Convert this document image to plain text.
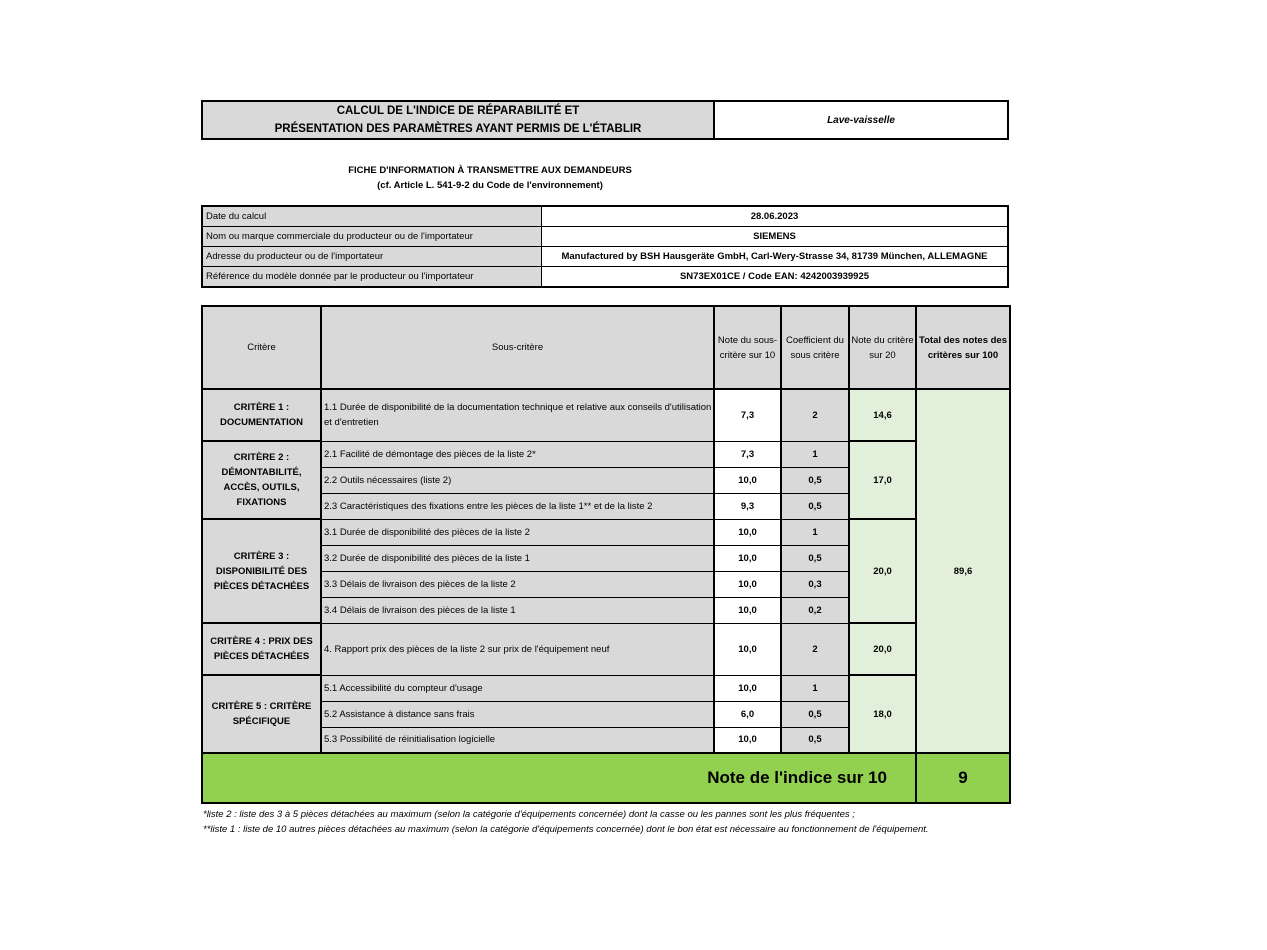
CALCUL DE L'INDICE DE RÉPARABILITÉ ET
PRÉSENTATION DES PARAMÈTRES AYANT PERMIS DE L'ÉTABLIR
	Lave-vaisselle
FICHE D'INFORMATION À TRANSMETTRE AUX DEMANDEURS
(cf. Article L. 541-9-2 du Code de l'environnement)
Date du calcul	28.06.2023
Nom ou marque commerciale du producteur ou de l'importateur	SIEMENS
Adresse du producteur ou de l'importateur	Manufactured by BSH Hausgeräte GmbH, Carl-Wery-Strasse 34, 81739 München, ALLEMAGNE
Référence du modèle donnée par le producteur ou l'importateur	SN73EX01CE / Code EAN: 4242003939925
Critère	Sous-critère	Note du sous-critère sur 10	Coefficient du sous critère	Note du critère sur 20	Total des notes des critères sur 100
CRITÈRE 1 : DOCUMENTATION	1.1 Durée de disponibilité de la documentation technique et relative aux conseils d'utilisation et d'entretien	7,3	2	14,6	89,6
CRITÈRE 2 : DÉMONTABILITÉ, ACCÈS, OUTILS, FIXATIONS	2.1 Facilité de démontage des pièces de la liste 2*	7,3	1	17,0	
	2.2 Outils nécessaires (liste 2)	10,0	0,5		
	2.3 Caractéristiques des fixations entre les pièces de la liste 1** et de la liste 2	9,3	0,5		
CRITÈRE 3 : DISPONIBILITÉ DES PIÈCES DÉTACHÉES	3.1 Durée de disponibilité des pièces de la liste 2	10,0	1	20,0	
	3.2 Durée de disponibilité des pièces de la liste 1	10,0	0,5		
	3.3 Délais de livraison des pièces de la liste 2	10,0	0,3		
	3.4 Délais de livraison des pièces de la liste 1	10,0	0,2		
CRITÈRE 4 : PRIX DES PIÈCES DÉTACHÉES	4. Rapport prix des pièces de la liste 2 sur prix de l'équipement neuf	10,0	2	20,0	
CRITÈRE 5 : CRITÈRE SPÉCIFIQUE	5.1 Accessibilité du compteur d'usage	10,0	1	18,0	
	5.2 Assistance à distance sans frais	6,0	0,5		
	5.3 Possibilité de réinitialisation logicielle	10,0	0,5		
Note de l'indice sur 10					9
*liste 2 : liste des 3 à 5 pièces détachées au maximum (selon la catégorie d'équipements concernée) dont la casse ou les pannes sont les plus fréquentes ;
**liste 1 : liste de 10 autres pièces détachées au maximum (selon la catégorie d'équipements concernée) dont le bon état est nécessaire au fonctionnement de l'équipement.
